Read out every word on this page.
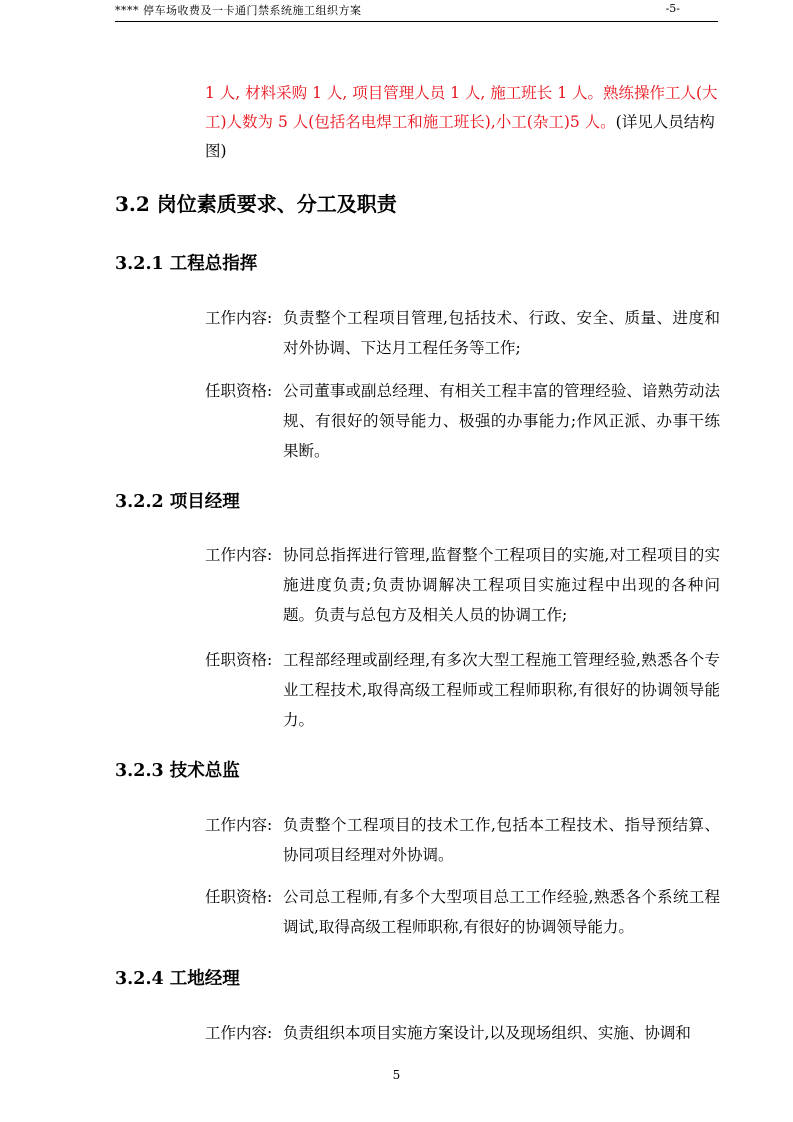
**** 停车场收费及一卡通门禁系统施工组织方案	-5-
1 人, 材料采购 1 人, 项目管理人员 1 人, 施工班长 1 人。熟练操作工人(大工)人数为 5 人(包括名电焊工和施工班长),小工(杂工)5 人。(详见人员结构图)
3.2 岗位素质要求、分工及职责
3.2.1 工程总指挥
工作内容: 负责整个工程项目管理,包括技术、行政、安全、质量、进度和对外协调、下达月工程任务等工作;
任职资格: 公司董事或副总经理、有相关工程丰富的管理经验、谙熟劳动法规、有很好的领导能力、极强的办事能力;作风正派、办事干练果断。
3.2.2 项目经理
工作内容: 协同总指挥进行管理,监督整个工程项目的实施,对工程项目的实施进度负责;负责协调解决工程项目实施过程中出现的各种问题。负责与总包方及相关人员的协调工作;
任职资格: 工程部经理或副经理,有多次大型工程施工管理经验,熟悉各个专业工程技术,取得高级工程师或工程师职称,有很好的协调领导能力。
3.2.3 技术总监
工作内容: 负责整个工程项目的技术工作,包括本工程技术、指导预结算、协同项目经理对外协调。
任职资格: 公司总工程师,有多个大型项目总工工作经验,熟悉各个系统工程调试,取得高级工程师职称,有很好的协调领导能力。
3.2.4 工地经理
工作内容: 负责组织本项目实施方案设计,以及现场组织、实施、协调和
5
